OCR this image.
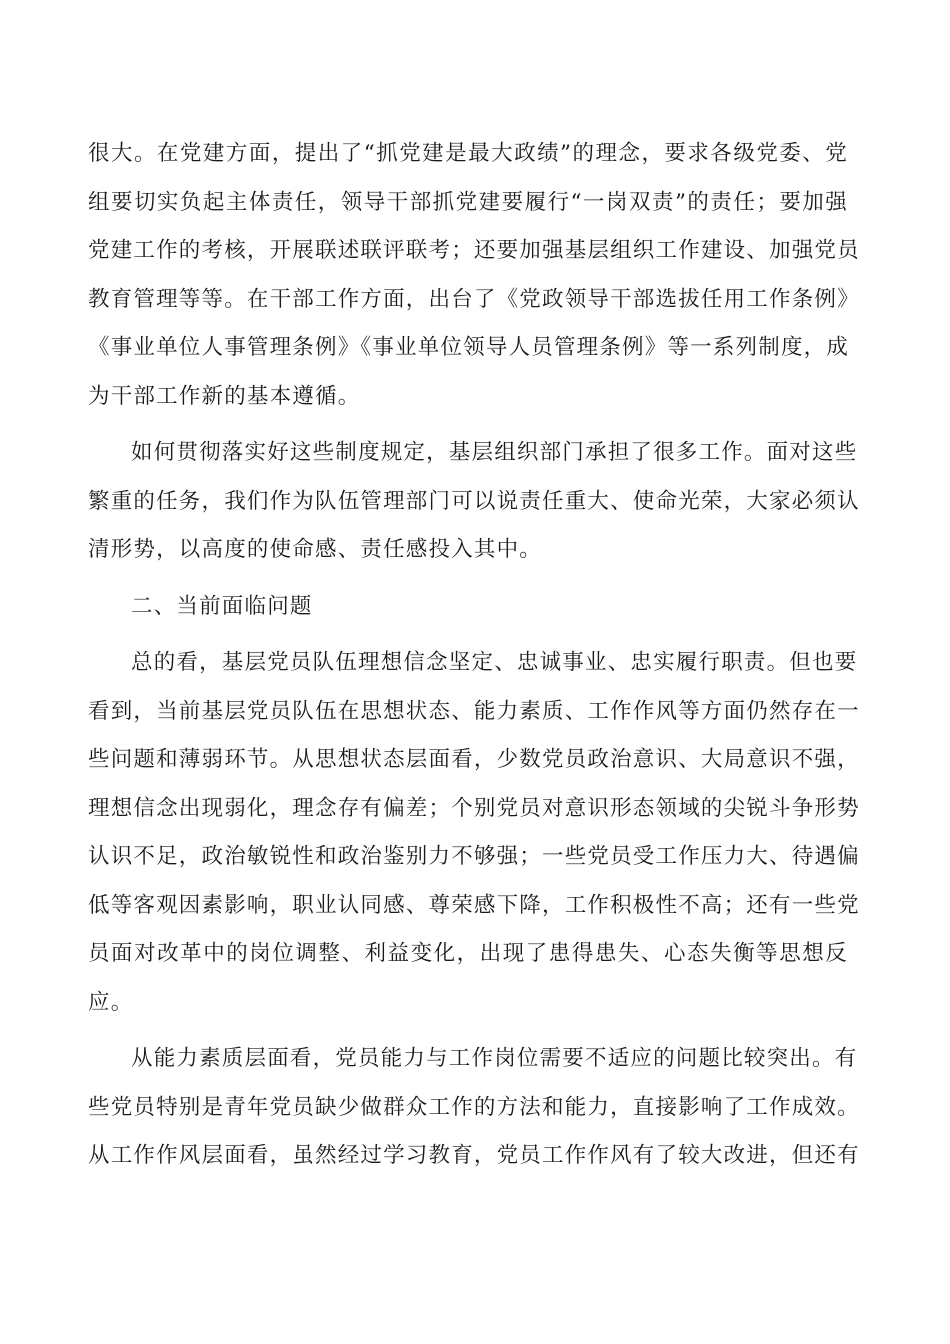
很大。在党建方面，提出了“抓党建是最大政绩”的理念，要求各级党委、党
组要切实负起主体责任，领导干部抓党建要履行“一岗双责”的责任；要加强
党建工作的考核，开展联述联评联考；还要加强基层组织工作建设、加强党员
教育管理等等。在干部工作方面，出台了《党政领导干部选拔任用工作条例》
《事业单位人事管理条例》《事业单位领导人员管理条例》等一系列制度，成
为干部工作新的基本遵循。
如何贯彻落实好这些制度规定，基层组织部门承担了很多工作。面对这些
繁重的任务，我们作为队伍管理部门可以说责任重大、使命光荣，大家必须认
清形势，以高度的使命感、责任感投入其中。
二、当前面临问题
总的看，基层党员队伍理想信念坚定、忠诚事业、忠实履行职责。但也要
看到，当前基层党员队伍在思想状态、能力素质、工作作风等方面仍然存在一
些问题和薄弱环节。从思想状态层面看，少数党员政治意识、大局意识不强，
理想信念出现弱化，理念存有偏差；个别党员对意识形态领域的尖锐斗争形势
认识不足，政治敏锐性和政治鉴别力不够强；一些党员受工作压力大、待遇偏
低等客观因素影响，职业认同感、尊荣感下降，工作积极性不高；还有一些党
员面对改革中的岗位调整、利益变化，出现了患得患失、心态失衡等思想反
应。
从能力素质层面看，党员能力与工作岗位需要不适应的问题比较突出。有
些党员特别是青年党员缺少做群众工作的方法和能力，直接影响了工作成效。
从工作作风层面看，虽然经过学习教育，党员工作作风有了较大改进，但还有
